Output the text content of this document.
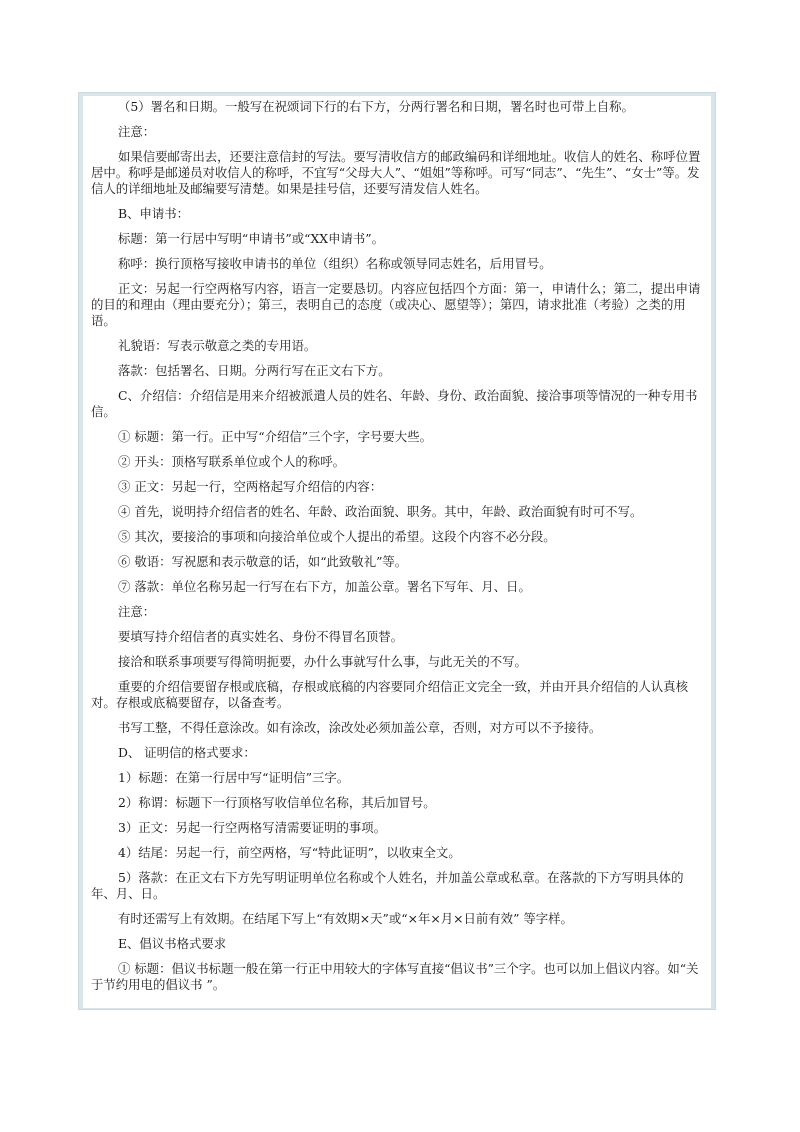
（5）署名和日期。一般写在祝颂词下行的右下方，分两行署名和日期，署名时也可带上自称。

注意：

如果信要邮寄出去，还要注意信封的写法。要写清收信方的邮政编码和详细地址。收信人的姓名、称呼位置居中。称呼是邮递员对收信人的称呼，不宜写“父母大人”、“姐姐”等称呼。可写“同志”、“先生”、“女士”等。发信人的详细地址及邮编要写清楚。如果是挂号信，还要写清发信人姓名。

B、申请书：

标题：第一行居中写明“申请书”或“XX申请书”。

称呼：换行顶格写接收申请书的单位（组织）名称或领导同志姓名，后用冒号。

正文：另起一行空两格写内容，语言一定要恳切。内容应包括四个方面：第一，申请什么；第二，提出申请的目的和理由（理由要充分）；第三，表明自己的态度（或决心、愿望等）；第四，请求批准（考验）之类的用语。

礼貌语：写表示敬意之类的专用语。

落款：包括署名、日期。分两行写在正文右下方。

C、介绍信：介绍信是用来介绍被派遣人员的姓名、年龄、身份、政治面貌、接洽事项等情况的一种专用书信。

① 标题：第一行。正中写“介绍信”三个字，字号要大些。

② 开头：顶格写联系单位或个人的称呼。

③ 正文：另起一行，空两格起写介绍信的内容：

④ 首先，说明持介绍信者的姓名、年龄、政治面貌、职务。其中，年龄、政治面貌有时可不写。

⑤ 其次，要接洽的事项和向接洽单位或个人提出的希望。这段个内容不必分段。

⑥ 敬语：写祝愿和表示敬意的话，如“此致敬礼”等。

⑦ 落款：单位名称另起一行写在右下方，加盖公章。署名下写年、月、日。

注意：

要填写持介绍信者的真实姓名、身份不得冒名顶替。

接洽和联系事项要写得简明扼要，办什么事就写什么事，与此无关的不写。

重要的介绍信要留存根或底稿，存根或底稿的内容要同介绍信正文完全一致，并由开具介绍信的人认真核对。存根或底稿要留存，以备查考。

书写工整，不得任意涂改。如有涂改，涂改处必须加盖公章，否则，对方可以不予接待。

D、 证明信的格式要求：

1）标题：在第一行居中写“证明信”三字。

2）称谓：标题下一行顶格写收信单位名称，其后加冒号。

3）正文：另起一行空两格写清需要证明的事项。

4）结尾：另起一行，前空两格，写“特此证明”，以收束全文。

5）落款：在正文右下方先写明证明单位名称或个人姓名，并加盖公章或私章。在落款的下方写明具体的年、月、日。

有时还需写上有效期。在结尾下写上“有效期×天”或“×年×月×日前有效” 等字样。

E、倡议书格式要求

① 标题：倡议书标题一般在第一行正中用较大的字体写直接“倡议书”三个字。也可以加上倡议内容。如“关于节约用电的倡议书 ”。
